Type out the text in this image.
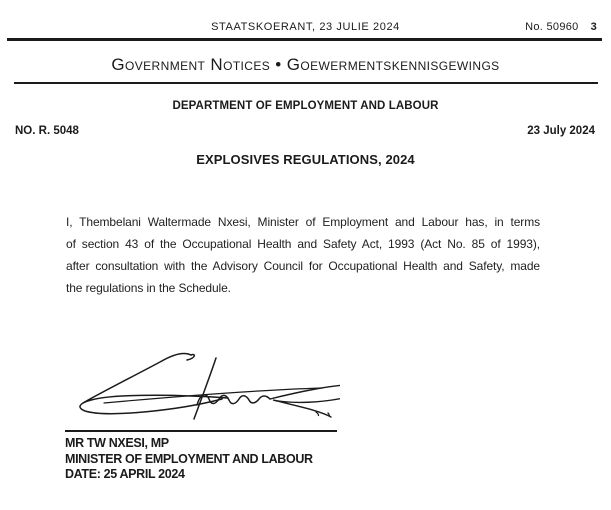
STAATSKOERANT, 23 JULIE 2024	No. 50960 3
Government Notices • Goewermentskennisgewings
DEPARTMENT OF EMPLOYMENT AND LABOUR
NO. R. 5048	23 July 2024
EXPLOSIVES REGULATIONS, 2024
I, Thembelani Waltermade Nxesi, Minister of Employment and Labour has, in terms
of section 43 of the Occupational Health and Safety Act, 1993 (Act No. 85 of 1993),
after consultation with the Advisory Council for Occupational Health and Safety, made
the regulations in the Schedule.
MR TW NXESI, MP
MINISTER OF EMPLOYMENT AND LABOUR
DATE: 25 APRIL 2024
